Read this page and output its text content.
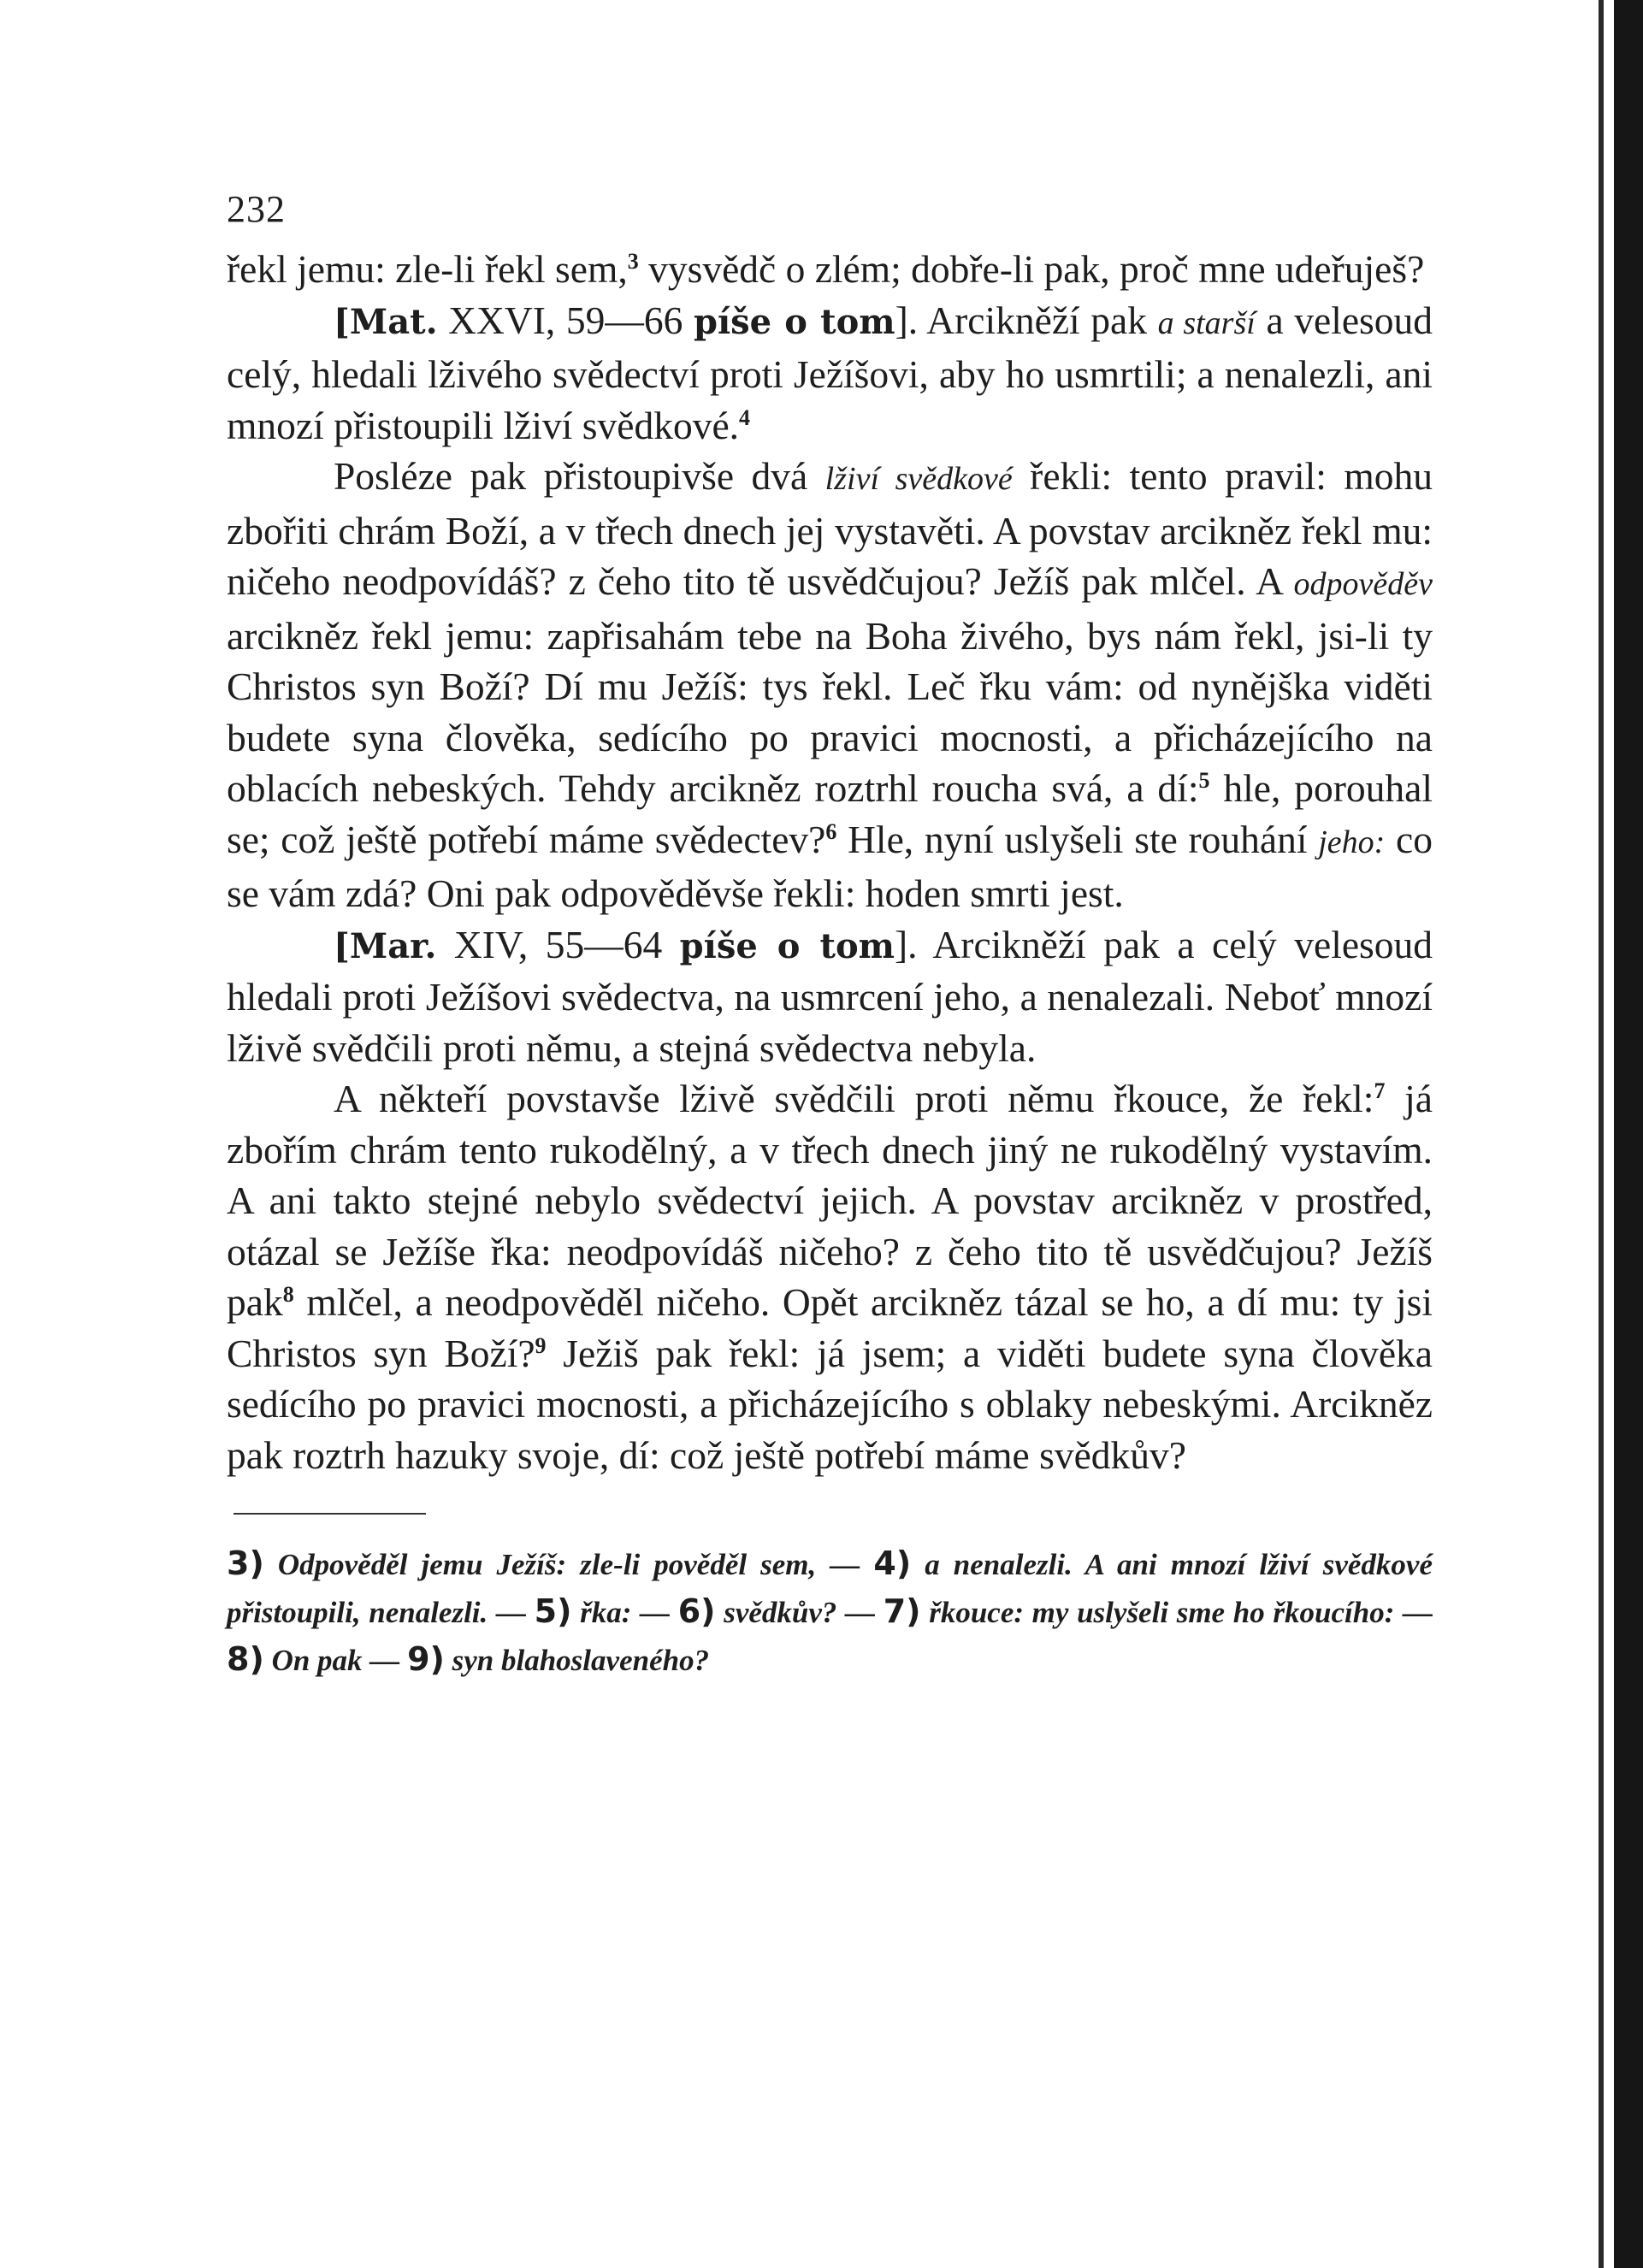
232

řekl jemu: zle-li řekl sem,$^3$ vysvědč o zlém; dobře-li pak, proč mne udeřuješ?

[Mat. XXVI, 59—66 píše o tom]. Arcikněží pak a starší a velesoud celý, hledali lživého svědectví proti Ježíšovi, aby ho usmrtili; a nenalezli, ani mnozí přistoupili lživí svědkové.$^4$

Posléze pak přistoupivše dvá lživí svědkové řekli: tento pravil: mohu zbořiti chrám Boží, a v třech dnech jej vystavěti. A povstav arcikněz řekl mu: ničeho neodpovídáš? z čeho tito tě usvědčujou? Ježíš pak mlčel. A odpověděv arcikněz řekl jemu: zapřisahám tebe na Boha živého, bys nám řekl, jsi-li ty Christos syn Boží? Dí mu Ježíš: tys řekl. Leč řku vám: od nynějška viděti budete syna člověka, sedícího po pravici mocnosti, a přicházejícího na oblacích nebeských. Tehdy arcikněz roztrhl roucha svá, a dí:$^5$ hle, porouhal se; což ještě potřebí máme svědectev?$^6$ Hle, nyní uslyšeli ste rouhání jeho: co se vám zdá? Oni pak odpověděvše řekli: hoden smrti jest.

[Mar. XIV, 55—64 píše o tom]. Arcikněží pak a celý velesoud hledali proti Ježíšovi svědectva, na usmrcení jeho, a nenalezali. Neboť mnozí lživě svědčili proti němu, a stejná svědectva nebyla.

A někteří povstavše lživě svědčili proti němu řkouce, že řekl:$^7$ já zbořím chrám tento rukodělný, a v třech dnech jiný ne rukodělný vystavím. A ani takto stejné nebylo svědectví jejich. A povstav arcikněz v prostřed, otázal se Ježíše řka: neodpovídáš ničeho? z čeho tito tě usvědčujou? Ježíš pak$^8$ mlčel, a neodpověděl ničeho. Opět arcikněz tázal se ho, a dí mu: ty jsi Christos syn Boží?$^9$ Ježiš pak řekl: já jsem; a viděti budete syna člověka sedícího po pravici mocnosti, a přicházejícího s oblaky nebeskými. Arcikněz pak roztrh hazuky svoje, dí: což ještě potřebí máme svědkův?

3) Odpověděl jemu Ježíš: zle-li pověděl sem, — 4) a nenalezli. A ani mnozí lživí svědkové přistoupili, nenalezli. — 5) řka: — 6) svědkův? — 7) řkouce: my uslyšeli sme ho řkoucího: — 8) On pak — 9) syn blahoslaveného?
